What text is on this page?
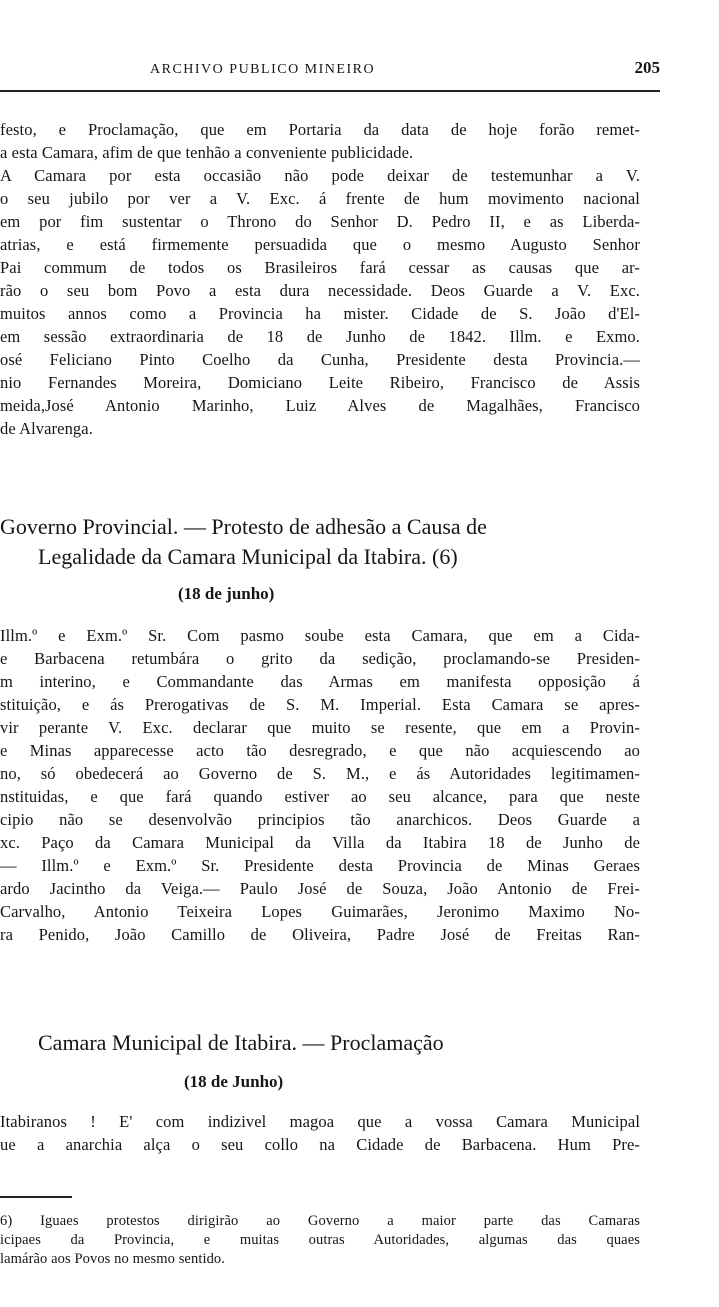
ARCHIVO PUBLICO MINEIRO	205
festo, e Proclamação, que em Portaria da data de hoje forão remet-
a esta Camara, afim de que tenhão a conveniente publicidade.
A Camara por esta occasião não pode deixar de testemunhar a V.
o seu jubilo por ver a V. Exc. á frente de hum movimento nacional
em por fim sustentar o Throno do Senhor D. Pedro II, e as Liberda-
atrias, e está firmemente persuadida que o mesmo Augusto Senhor
Pai commum de todos os Brasileiros fará cessar as causas que ar-
rão o seu bom Povo a esta dura necessidade. Deos Guarde a V. Exc.
muitos annos como a Provincia ha mister. Cidade de S. João d'El-
em sessão extraordinaria de 18 de Junho de 1842. Illm. e Exmo.
osé Feliciano Pinto Coelho da Cunha, Presidente desta Provincia.—
nio Fernandes Moreira, Domiciano Leite Ribeiro, Francisco de Assis
meida,José Antonio Marinho, Luiz Alves de Magalhães, Francisco
de Alvarenga.
Governo Provincial. — Protesto de adhesão a Causa de
Legalidade da Camara Municipal da Itabira. (6)
(18 de junho)
Illm.º e Exm.º Sr. Com pasmo soube esta Camara, que em a Cida-
e Barbacena retumbára o grito da sedição, proclamando-se Presiden-
m interino, e Commandante das Armas em manifesta opposição á
stituição, e ás Prerogativas de S. M. Imperial. Esta Camara se apres-
vir perante V. Exc. declarar que muito se resente, que em a Provin-
e Minas apparecesse acto tão desregrado, e que não acquiescendo ao
no, só obedecerá ao Governo de S. M., e ás Autoridades legitimamen-
nstituidas, e que fará quando estiver ao seu alcance, para que neste
cipio não se desenvolvão principios tão anarchicos. Deos Guarde a
xc. Paço da Camara Municipal da Villa da Itabira 18 de Junho de
— Illm.º e Exm.º Sr. Presidente desta Provincia de Minas Geraes
ardo Jacintho da Veiga.— Paulo José de Souza, João Antonio de Frei-
Carvalho, Antonio Teixeira Lopes Guimarães, Jeronimo Maximo No-
ra Penido, João Camillo de Oliveira, Padre José de Freitas Ran-
Camara Municipal de Itabira. — Proclamação
(18 de Junho)
Itabiranos ! E' com indizivel magoa que a vossa Camara Municipal
ue a anarchia alça o seu collo na Cidade de Barbacena. Hum Pre-
6) Iguaes protestos dirigirão ao Governo a maior parte das Camaras
icipaes da Provincia, e muitas outras Autoridades, algumas das quaes
lamárão aos Povos no mesmo sentido.
